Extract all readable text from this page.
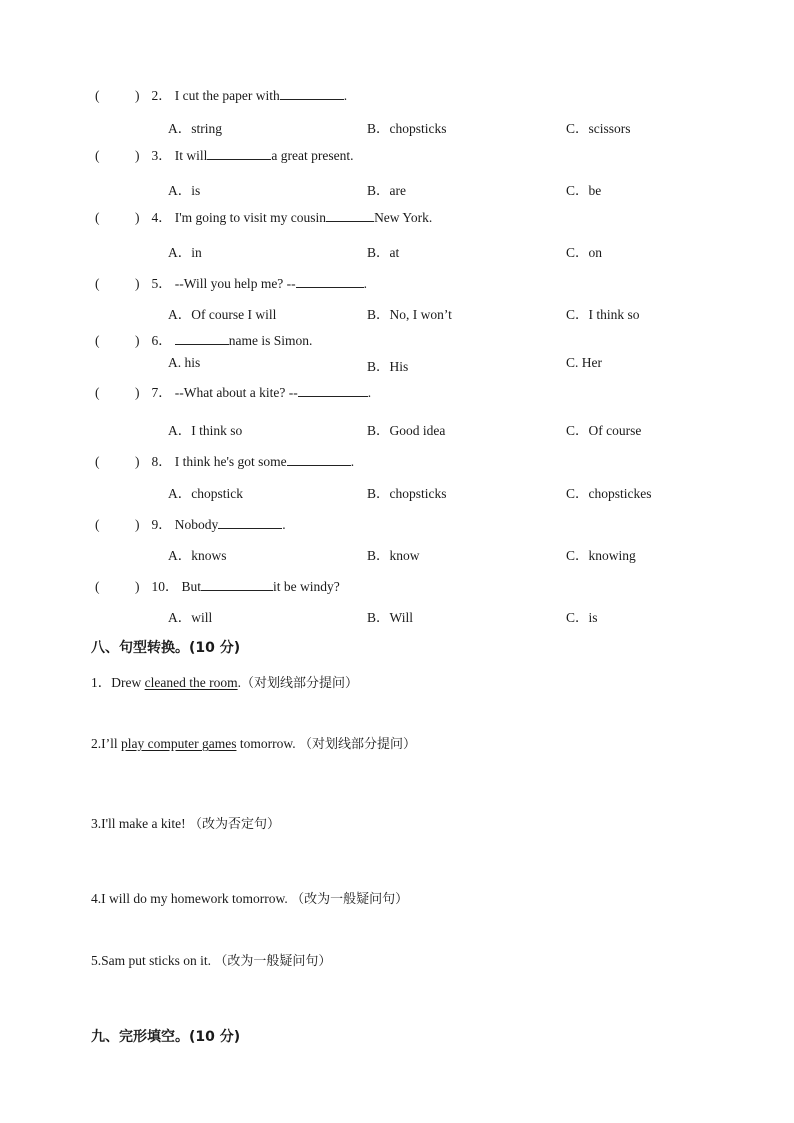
(	) 2． I cut the paper with	.
A．string	B．chopsticks	C．scissors
(	) 3． It will	a great present.
A．is	B．are	C．be
(	) 4． I'm going to visit my cousin	New York.
A．in	B．at	C．on
(	) 5． --Will you help me? --	.
A．Of course I will	B．No, I won’t	C．I think so
(	) 6．	name is Simon.
A. his	B．His	C. Her
(	) 7． --What about a kite? --	.
A．I think so	B．Good idea	C．Of course
(	) 8． I think he's got some	.
A．chopstick	B．chopsticks	C．chopstickes
(	) 9． Nobody	.
A．knows	B．know	C．knowing
(	) 10． But	it be windy?
A．will	B．Will	C．is
八、句型转换。(10 分)
1．Drew cleaned the room.（对划线部分提问）
2.I’ll play computer games tomorrow. （对划线部分提问）
3.I'll make a kite! （改为否定句）
4.I will do my homework tomorrow. （改为一般疑问句）
5.Sam put sticks on it. （改为一般疑问句）
九、完形填空。(10 分)
